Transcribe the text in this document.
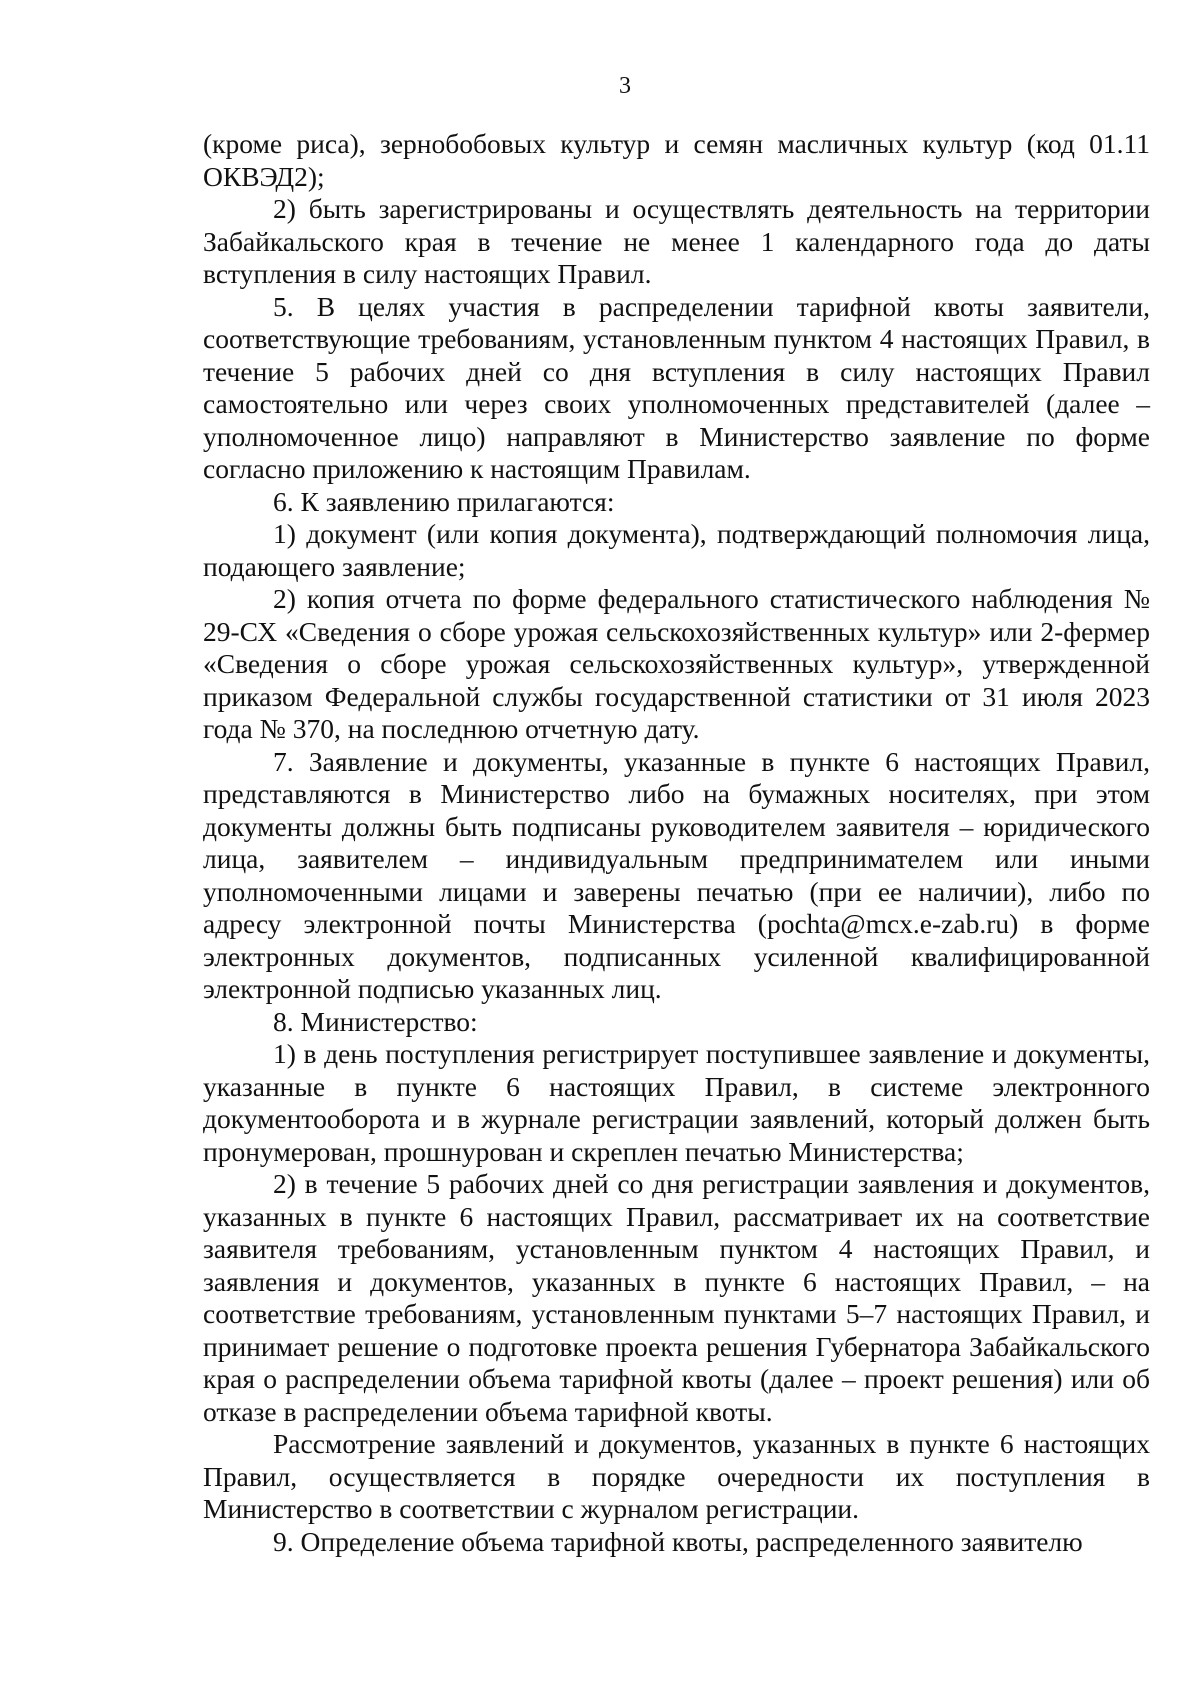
3

(кроме риса), зернобобовых культур и семян масличных культур (код 01.11 ОКВЭД2);

2) быть зарегистрированы и осуществлять деятельность на территории Забайкальского края в течение не менее 1 календарного года до даты вступления в силу настоящих Правил.

5. В целях участия в распределении тарифной квоты заявители, соответствующие требованиям, установленным пунктом 4 настоящих Правил, в течение 5 рабочих дней со дня вступления в силу настоящих Правил самостоятельно или через своих уполномоченных представителей (далее – уполномоченное лицо) направляют в Министерство заявление по форме согласно приложению к настоящим Правилам.

6. К заявлению прилагаются:

1) документ (или копия документа), подтверждающий полномочия лица, подающего заявление;

2) копия отчета по форме федерального статистического наблюдения № 29-СХ «Сведения о сборе урожая сельскохозяйственных культур» или 2-фермер «Сведения о сборе урожая сельскохозяйственных культур», утвержденной приказом Федеральной службы государственной статистики от 31 июля 2023 года № 370, на последнюю отчетную дату.

7. Заявление и документы, указанные в пункте 6 настоящих Правил, представляются в Министерство либо на бумажных носителях, при этом документы должны быть подписаны руководителем заявителя – юридического лица, заявителем – индивидуальным предпринимателем или иными уполномоченными лицами и заверены печатью (при ее наличии), либо по адресу электронной почты Министерства (pochta@mcx.e-zab.ru) в форме электронных документов, подписанных усиленной квалифицированной электронной подписью указанных лиц.

8. Министерство:

1) в день поступления регистрирует поступившее заявление и документы, указанные в пункте 6 настоящих Правил, в системе электронного документооборота и в журнале регистрации заявлений, который должен быть пронумерован, прошнурован и скреплен печатью Министерства;

2) в течение 5 рабочих дней со дня регистрации заявления и документов, указанных в пункте 6 настоящих Правил, рассматривает их на соответствие заявителя требованиям, установленным пунктом 4 настоящих Правил, и заявления и документов, указанных в пункте 6 настоящих Правил, – на соответствие требованиям, установленным пунктами 5–7 настоящих Правил, и принимает решение о подготовке проекта решения Губернатора Забайкальского края о распределении объема тарифной квоты (далее – проект решения) или об отказе в распределении объема тарифной квоты.

Рассмотрение заявлений и документов, указанных в пункте 6 настоящих Правил, осуществляется в порядке очередности их поступления в Министерство в соответствии с журналом регистрации.

9. Определение объема тарифной квоты, распределенного заявителю
